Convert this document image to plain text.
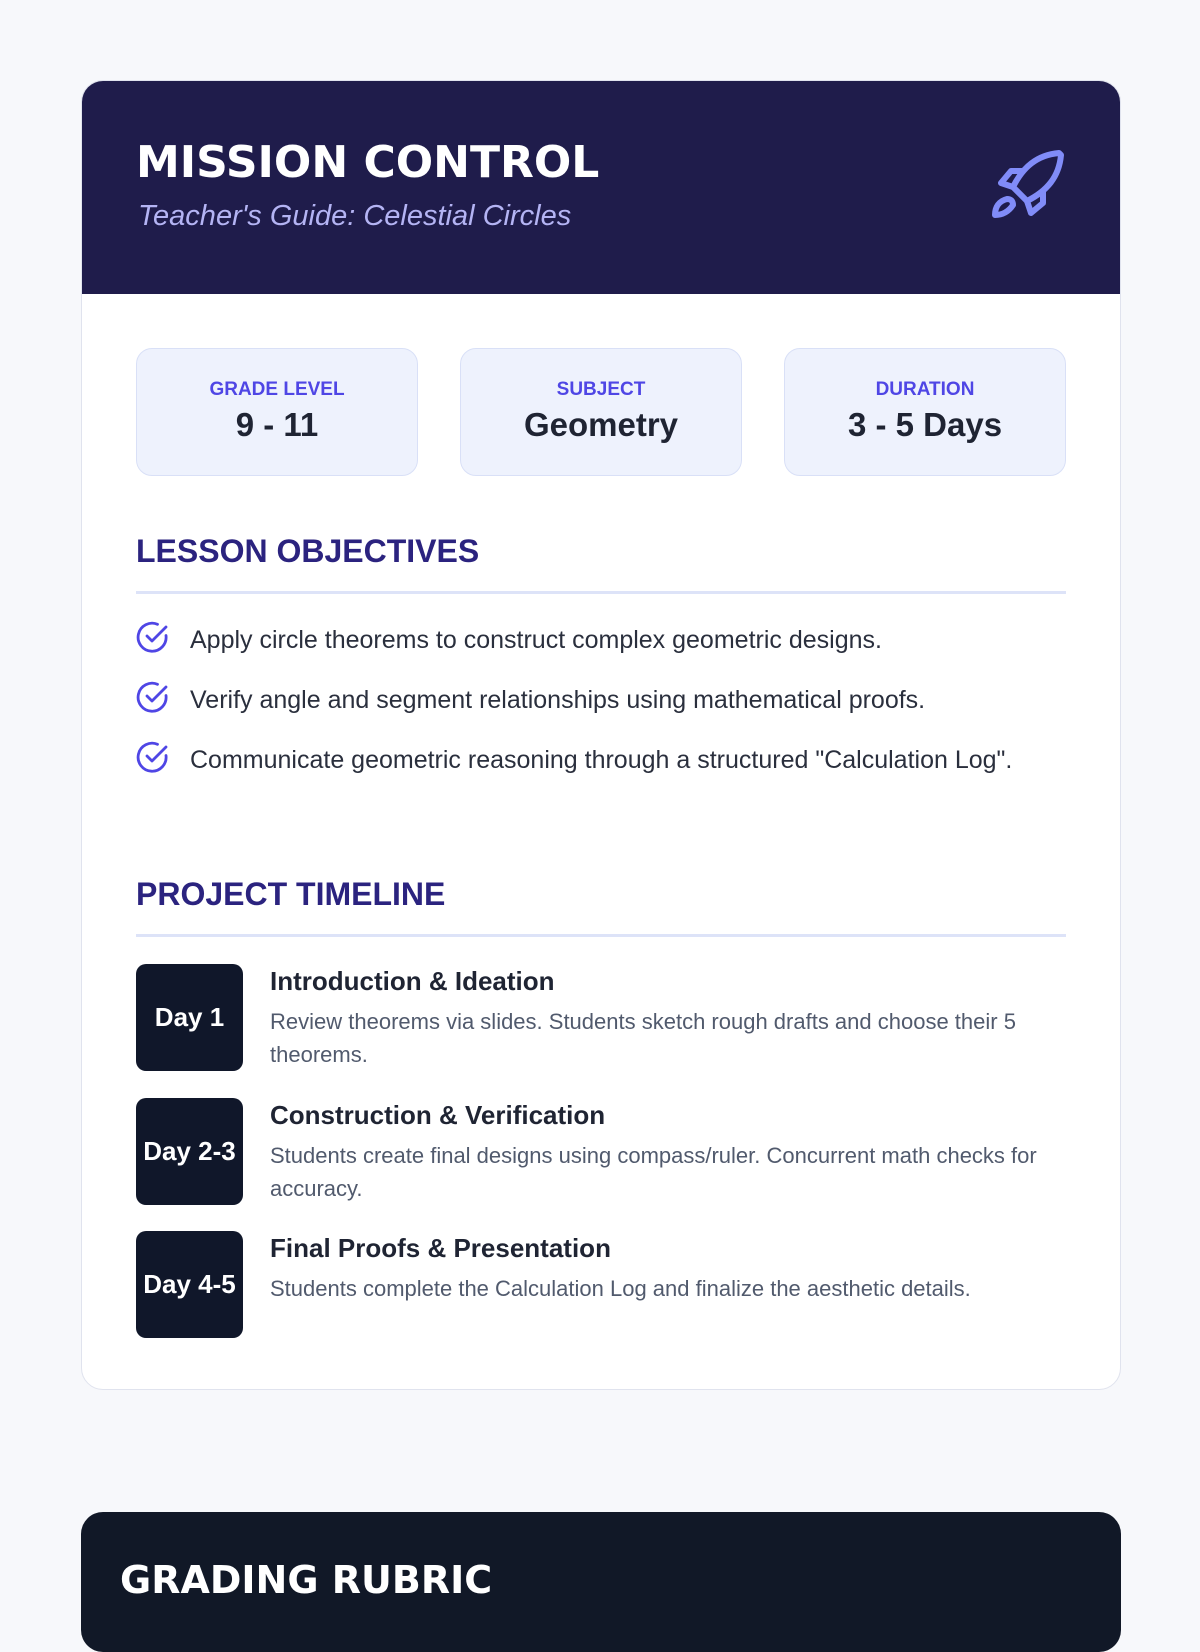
MISSION CONTROL
Teacher's Guide: Celestial Circles
GRADE LEVEL
9 - 11
SUBJECT
Geometry
DURATION
3 - 5 Days
LESSON OBJECTIVES
Apply circle theorems to construct complex geometric designs.
Verify angle and segment relationships using mathematical proofs.
Communicate geometric reasoning through a structured "Calculation Log".
PROJECT TIMELINE
Day 1
Introduction & Ideation
Review theorems via slides. Students sketch rough drafts and choose their 5 theorems.
Day 2-3
Construction & Verification
Students create final designs using compass/ruler. Concurrent math checks for accuracy.
Day 4-5
Final Proofs & Presentation
Students complete the Calculation Log and finalize the aesthetic details.
GRADING RUBRIC
